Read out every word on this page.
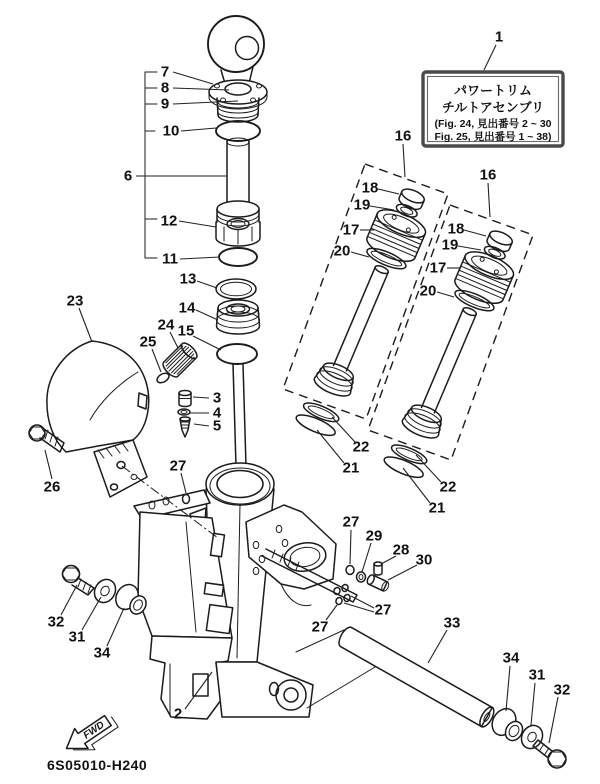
パワートリム
チルトアセンブリ
(Fig. 24, 見出番号 2 ~ 30
Fig. 25, 見出番号 1 ~ 38)
FWD
6S05010-H240
1
7
8
9
10
6
12
11
13
14
24 15
25
3
4
5
23
26
16
18
19
17
20
16
18
19
17
20
22
21
22
21
27
27
27
27
29
28
30
2
33
34
31
32
32
31
34
